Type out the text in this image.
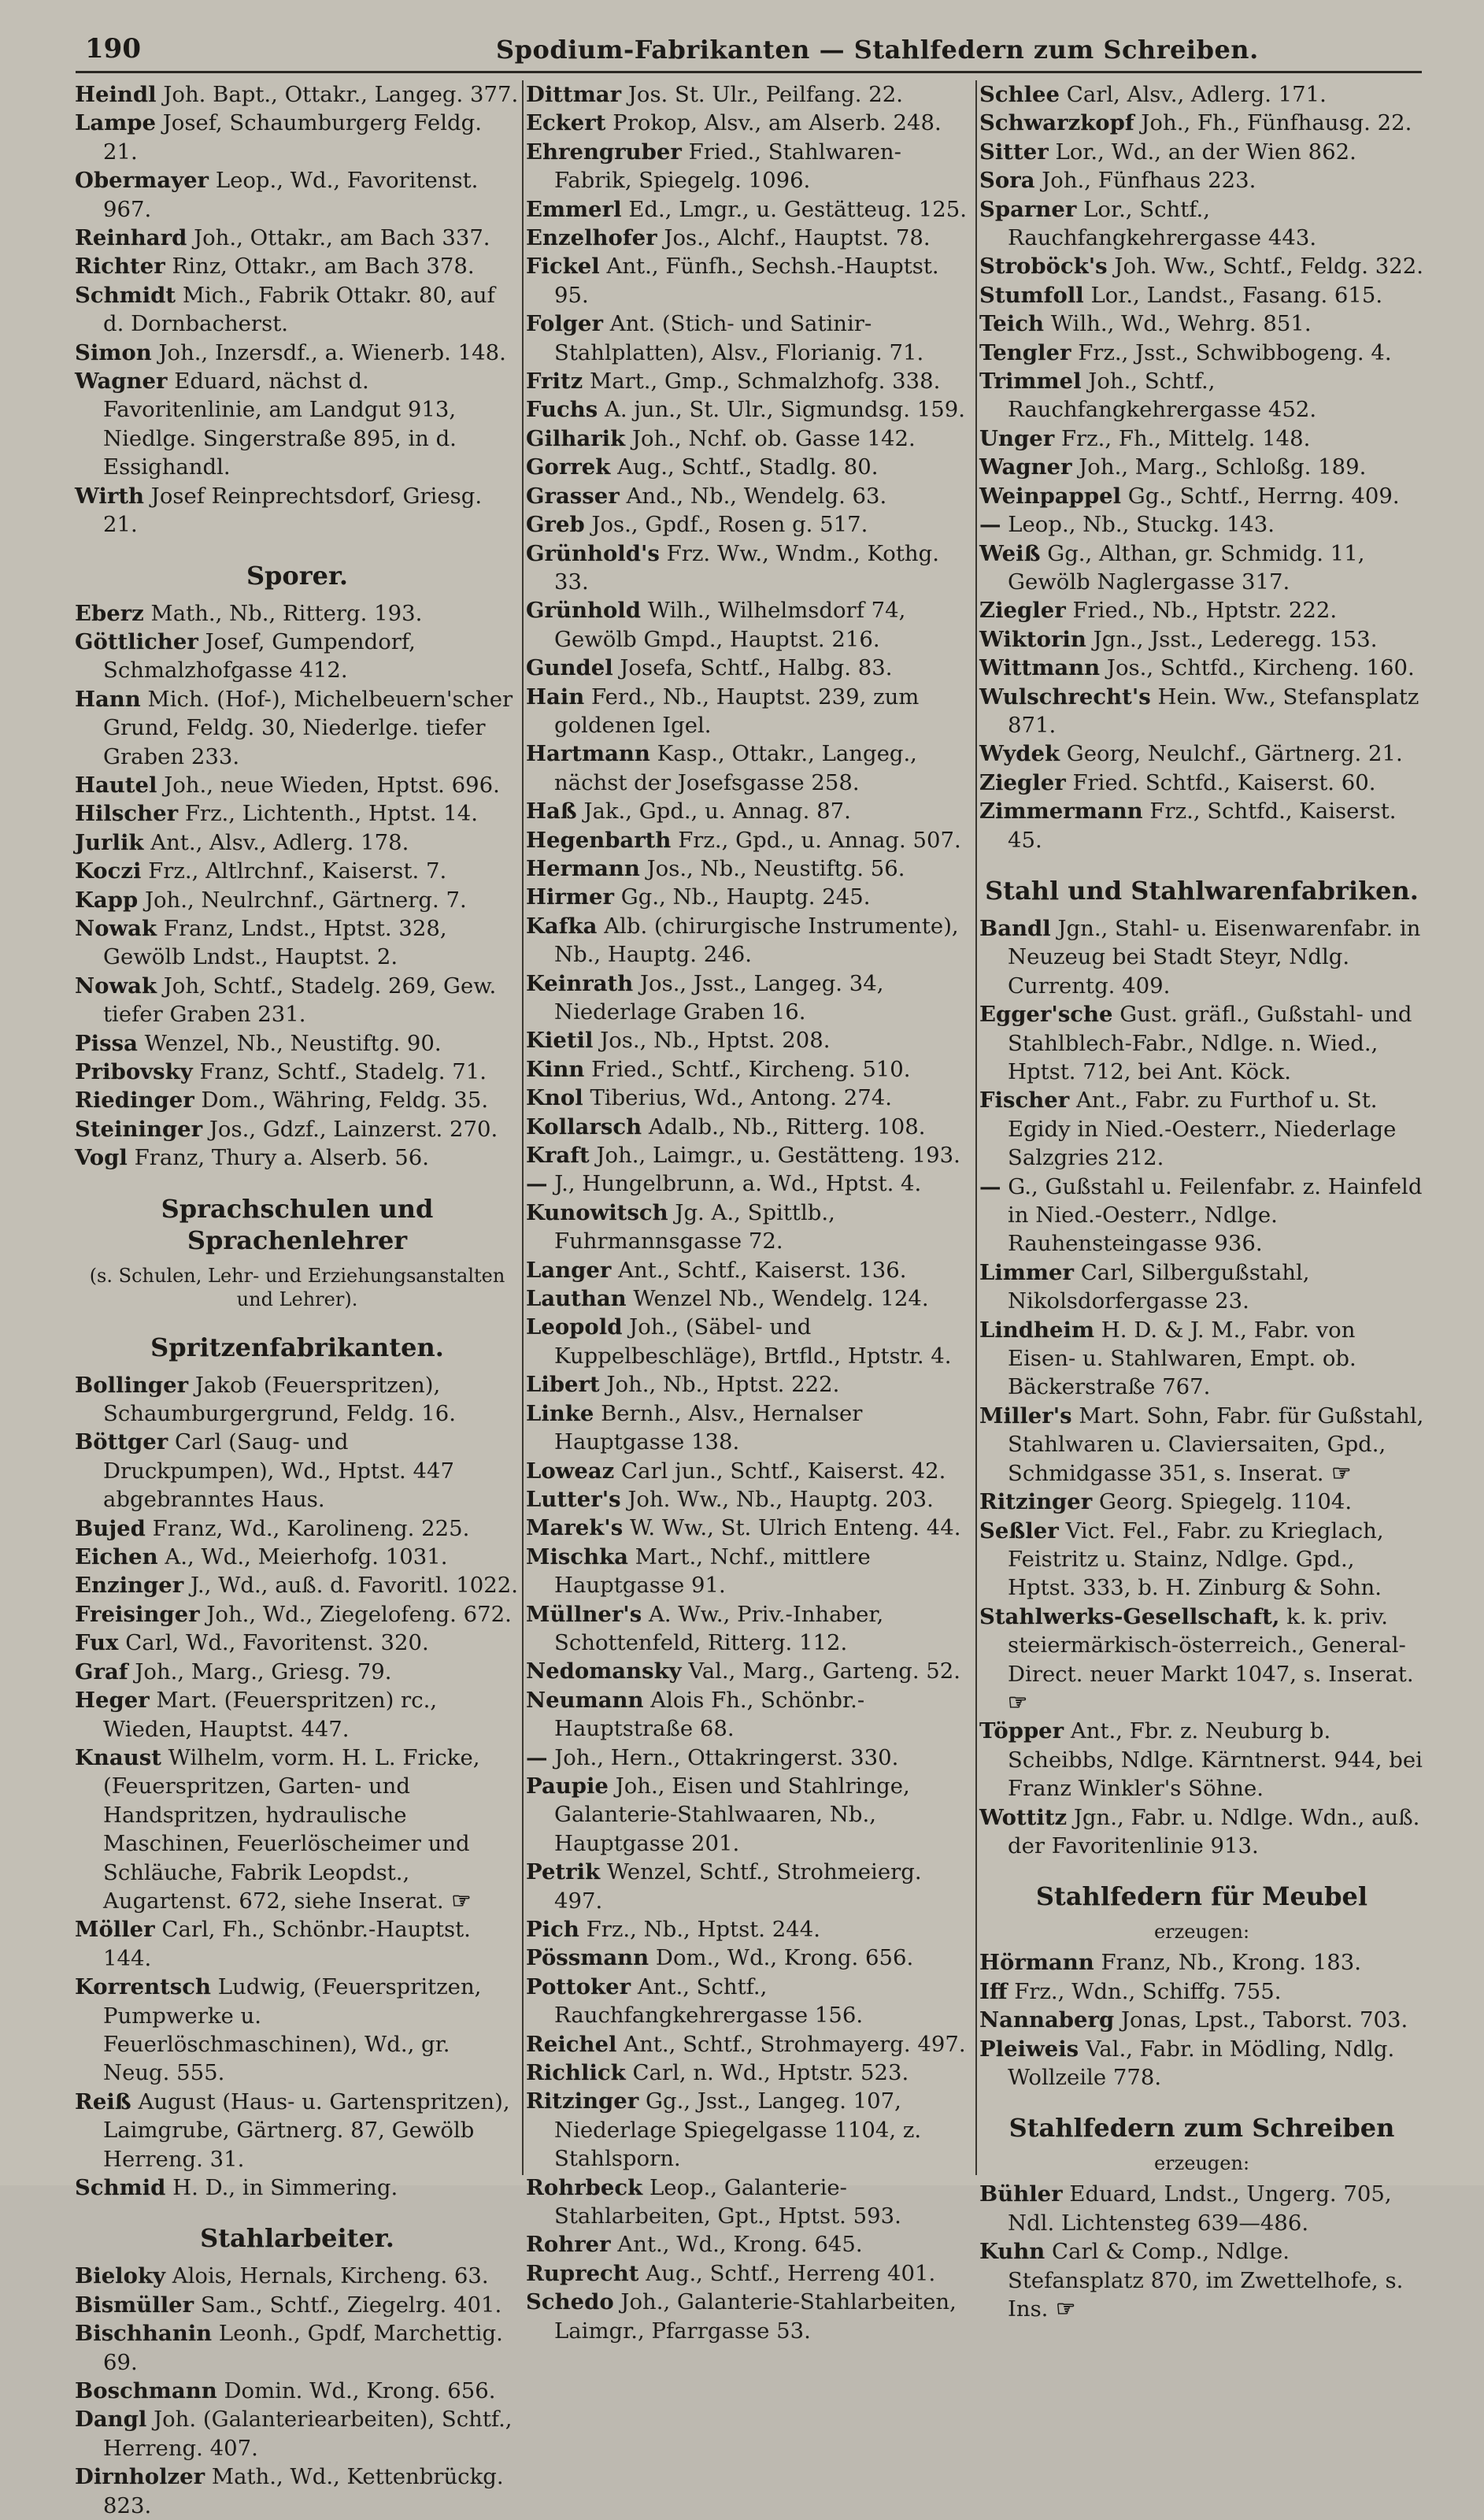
190	Spodium-Fabrikanten — Stahlfedern zum Schreiben.

Heindl Joh. Bapt., Ottakr., Langeg. 377.

Lampe Josef, Schaumburgerg Feldg. 21.

Obermayer Leop., Wd., Favoritenst. 967.

Reinhard Joh., Ottakr., am Bach 337.

Richter Rinz, Ottakr., am Bach 378.

Schmidt Mich., Fabrik Ottakr. 80, auf d. Dornbacherst.

Simon Joh., Inzersdf., a. Wienerb. 148.

Wagner Eduard, nächst d. Favoritenlinie, am Landgut 913, Niedlge. Singerstraße 895, in d. Essighandl.

Wirth Josef Reinprechtsdorf, Griesg. 21.

Sporer.

Eberz Math., Nb., Ritterg. 193.

Göttlicher Josef, Gumpendorf, Schmalzhofgasse 412.

Hann Mich. (Hof-), Michelbeuern'scher Grund, Feldg. 30, Niederlge. tiefer Graben 233.

Hautel Joh., neue Wieden, Hptst. 696.

Hilscher Frz., Lichtenth., Hptst. 14.

Jurlik Ant., Alsv., Adlerg. 178.

Koczi Frz., Altlrchnf., Kaiserst. 7.

Kapp Joh., Neulrchnf., Gärtnerg. 7.

Nowak Franz, Lndst., Hptst. 328, Gewölb Lndst., Hauptst. 2.

Nowak Joh, Schtf., Stadelg. 269, Gew. tiefer Graben 231.

Pissa Wenzel, Nb., Neustiftg. 90.

Pribovsky Franz, Schtf., Stadelg. 71.

Riedinger Dom., Währing, Feldg. 35.

Steininger Jos., Gdzf., Lainzerst. 270.

Vogl Franz, Thury a. Alserb. 56.

Sprachschulen und Sprachenlehrer
(s. Schulen, Lehr- und Erziehungsanstalten und Lehrer).
Spritzenfabrikanten.

Bollinger Jakob (Feuerspritzen), Schaumburgergrund, Feldg. 16.

Böttger Carl (Saug- und Druckpumpen), Wd., Hptst. 447 abgebranntes Haus.

Bujed Franz, Wd., Karolineng. 225.

Eichen A., Wd., Meierhofg. 1031.

Enzinger J., Wd., auß. d. Favoritl. 1022.

Freisinger Joh., Wd., Ziegelofeng. 672.

Fux Carl, Wd., Favoritenst. 320.

Graf Joh., Marg., Griesg. 79.

Heger Mart. (Feuerspritzen) rc., Wieden, Hauptst. 447.

Knaust Wilhelm, vorm. H. L. Fricke, (Feuerspritzen, Garten- und Handspritzen, hydraulische Maschinen, Feuerlöscheimer und Schläuche, Fabrik Leopdst., Augartenst. 672, siehe Inserat. ☞

Möller Carl, Fh., Schönbr.-Hauptst. 144.

Korrentsch Ludwig, (Feuerspritzen, Pumpwerke u. Feuerlöschmaschinen), Wd., gr. Neug. 555.

Reiß August (Haus- u. Gartenspritzen), Laimgrube, Gärtnerg. 87, Gewölb Herreng. 31.

Schmid H. D., in Simmering.

Stahlarbeiter.

Bieloky Alois, Hernals, Kircheng. 63.

Bismüller Sam., Schtf., Ziegelrg. 401.

Bischhanin Leonh., Gpdf, Marchettig. 69.

Boschmann Domin. Wd., Krong. 656.

Dangl Joh. (Galanteriearbeiten), Schtf., Herreng. 407.

Dirnholzer Math., Wd., Kettenbrückg. 823.

Dittmar Jos. St. Ulr., Peilfang. 22.

Eckert Prokop, Alsv., am Alserb. 248.

Ehrengruber Fried., Stahlwaren-Fabrik, Spiegelg. 1096.

Emmerl Ed., Lmgr., u. Gestätteug. 125.

Enzelhofer Jos., Alchf., Hauptst. 78.

Fickel Ant., Fünfh., Sechsh.-Hauptst. 95.

Folger Ant. (Stich- und Satinir-Stahlplatten), Alsv., Florianig. 71.

Fritz Mart., Gmp., Schmalzhofg. 338.

Fuchs A. jun., St. Ulr., Sigmundsg. 159.

Gilharik Joh., Nchf. ob. Gasse 142.

Gorrek Aug., Schtf., Stadlg. 80.

Grasser And., Nb., Wendelg. 63.

Greb Jos., Gpdf., Rosen g. 517.

Grünhold's Frz. Ww., Wndm., Kothg. 33.

Grünhold Wilh., Wilhelmsdorf 74, Gewölb Gmpd., Hauptst. 216.

Gundel Josefa, Schtf., Halbg. 83.

Hain Ferd., Nb., Hauptst. 239, zum goldenen Igel.

Hartmann Kasp., Ottakr., Langeg., nächst der Josefsgasse 258.

Haß Jak., Gpd., u. Annag. 87.

Hegenbarth Frz., Gpd., u. Annag. 507.

Hermann Jos., Nb., Neustiftg. 56.

Hirmer Gg., Nb., Hauptg. 245.

Kafka Alb. (chirurgische Instrumente), Nb., Hauptg. 246.

Keinrath Jos., Jsst., Langeg. 34, Niederlage Graben 16.

Kietil Jos., Nb., Hptst. 208.

Kinn Fried., Schtf., Kircheng. 510.

Knol Tiberius, Wd., Antong. 274.

Kollarsch Adalb., Nb., Ritterg. 108.

Kraft Joh., Laimgr., u. Gestätteng. 193.

— J., Hungelbrunn, a. Wd., Hptst. 4.

Kunowitsch Jg. A., Spittlb., Fuhrmannsgasse 72.

Langer Ant., Schtf., Kaiserst. 136.

Lauthan Wenzel Nb., Wendelg. 124.

Leopold Joh., (Säbel- und Kuppelbeschläge), Brtfld., Hptstr. 4.

Libert Joh., Nb., Hptst. 222.

Linke Bernh., Alsv., Hernalser Hauptgasse 138.

Loweaz Carl jun., Schtf., Kaiserst. 42.

Lutter's Joh. Ww., Nb., Hauptg. 203.

Marek's W. Ww., St. Ulrich Enteng. 44.

Mischka Mart., Nchf., mittlere Hauptgasse 91.

Müllner's A. Ww., Priv.-Inhaber, Schottenfeld, Ritterg. 112.

Nedomansky Val., Marg., Garteng. 52.

Neumann Alois Fh., Schönbr.-Hauptstraße 68.

— Joh., Hern., Ottakringerst. 330.

Paupie Joh., Eisen und Stahlringe, Galanterie-Stahlwaaren, Nb., Hauptgasse 201.

Petrik Wenzel, Schtf., Strohmeierg. 497.

Pich Frz., Nb., Hptst. 244.

Pössmann Dom., Wd., Krong. 656.

Pottoker Ant., Schtf., Rauchfangkehrergasse 156.

Reichel Ant., Schtf., Strohmayerg. 497.

Richlick Carl, n. Wd., Hptstr. 523.

Ritzinger Gg., Jsst., Langeg. 107, Niederlage Spiegelgasse 1104, z. Stahlsporn.

Rohrbeck Leop., Galanterie-Stahlarbeiten, Gpt., Hptst. 593.

Rohrer Ant., Wd., Krong. 645.

Ruprecht Aug., Schtf., Herreng 401.

Schedo Joh., Galanterie-Stahlarbeiten, Laimgr., Pfarrgasse 53.

Schlee Carl, Alsv., Adlerg. 171.

Schwarzkopf Joh., Fh., Fünfhausg. 22.

Sitter Lor., Wd., an der Wien 862.

Sora Joh., Fünfhaus 223.

Sparner Lor., Schtf., Rauchfangkehrergasse 443.

Stroböck's Joh. Ww., Schtf., Feldg. 322.

Stumfoll Lor., Landst., Fasang. 615.

Teich Wilh., Wd., Wehrg. 851.

Tengler Frz., Jsst., Schwibbogeng. 4.

Trimmel Joh., Schtf., Rauchfangkehrergasse 452.

Unger Frz., Fh., Mittelg. 148.

Wagner Joh., Marg., Schloßg. 189.

Weinpappel Gg., Schtf., Herrng. 409.

— Leop., Nb., Stuckg. 143.

Weiß Gg., Althan, gr. Schmidg. 11, Gewölb Naglergasse 317.

Ziegler Fried., Nb., Hptstr. 222.

Wiktorin Jgn., Jsst., Lederegg. 153.

Wittmann Jos., Schtfd., Kircheng. 160.

Wulschrecht's Hein. Ww., Stefansplatz 871.

Wydek Georg, Neulchf., Gärtnerg. 21.

Ziegler Fried. Schtfd., Kaiserst. 60.

Zimmermann Frz., Schtfd., Kaiserst. 45.

Stahl und Stahlwarenfabriken.

Bandl Jgn., Stahl- u. Eisenwarenfabr. in Neuzeug bei Stadt Steyr, Ndlg. Currentg. 409.

Egger'sche Gust. gräfl., Gußstahl- und Stahlblech-Fabr., Ndlge. n. Wied., Hptst. 712, bei Ant. Köck.

Fischer Ant., Fabr. zu Furthof u. St. Egidy in Nied.-Oesterr., Niederlage Salzgries 212.

— G., Gußstahl u. Feilenfabr. z. Hainfeld in Nied.-Oesterr., Ndlge. Rauhensteingasse 936.

Limmer Carl, Silbergußstahl, Nikolsdorfergasse 23.

Lindheim H. D. & J. M., Fabr. von Eisen- u. Stahlwaren, Empt. ob. Bäckerstraße 767.

Miller's Mart. Sohn, Fabr. für Gußstahl, Stahlwaren u. Claviersaiten, Gpd., Schmidgasse 351, s. Inserat. ☞

Ritzinger Georg. Spiegelg. 1104.

Seßler Vict. Fel., Fabr. zu Krieglach, Feistritz u. Stainz, Ndlge. Gpd., Hptst. 333, b. H. Zinburg & Sohn.

Stahlwerks-Gesellschaft, k. k. priv. steiermärkisch-österreich., General-Direct. neuer Markt 1047, s. Inserat. ☞

Töpper Ant., Fbr. z. Neuburg b. Scheibbs, Ndlge. Kärntnerst. 944, bei Franz Winkler's Söhne.

Wottitz Jgn., Fabr. u. Ndlge. Wdn., auß. der Favoritenlinie 913.

Stahlfedern für Meubel
erzeugen:

Hörmann Franz, Nb., Krong. 183.

Iff Frz., Wdn., Schiffg. 755.

Nannaberg Jonas, Lpst., Taborst. 703.

Pleiweis Val., Fabr. in Mödling, Ndlg. Wollzeile 778.

Stahlfedern zum Schreiben
erzeugen:

Bühler Eduard, Lndst., Ungerg. 705, Ndl. Lichtensteg 639—486.

Kuhn Carl & Comp., Ndlge. Stefansplatz 870, im Zwettelhofe, s. Ins. ☞
